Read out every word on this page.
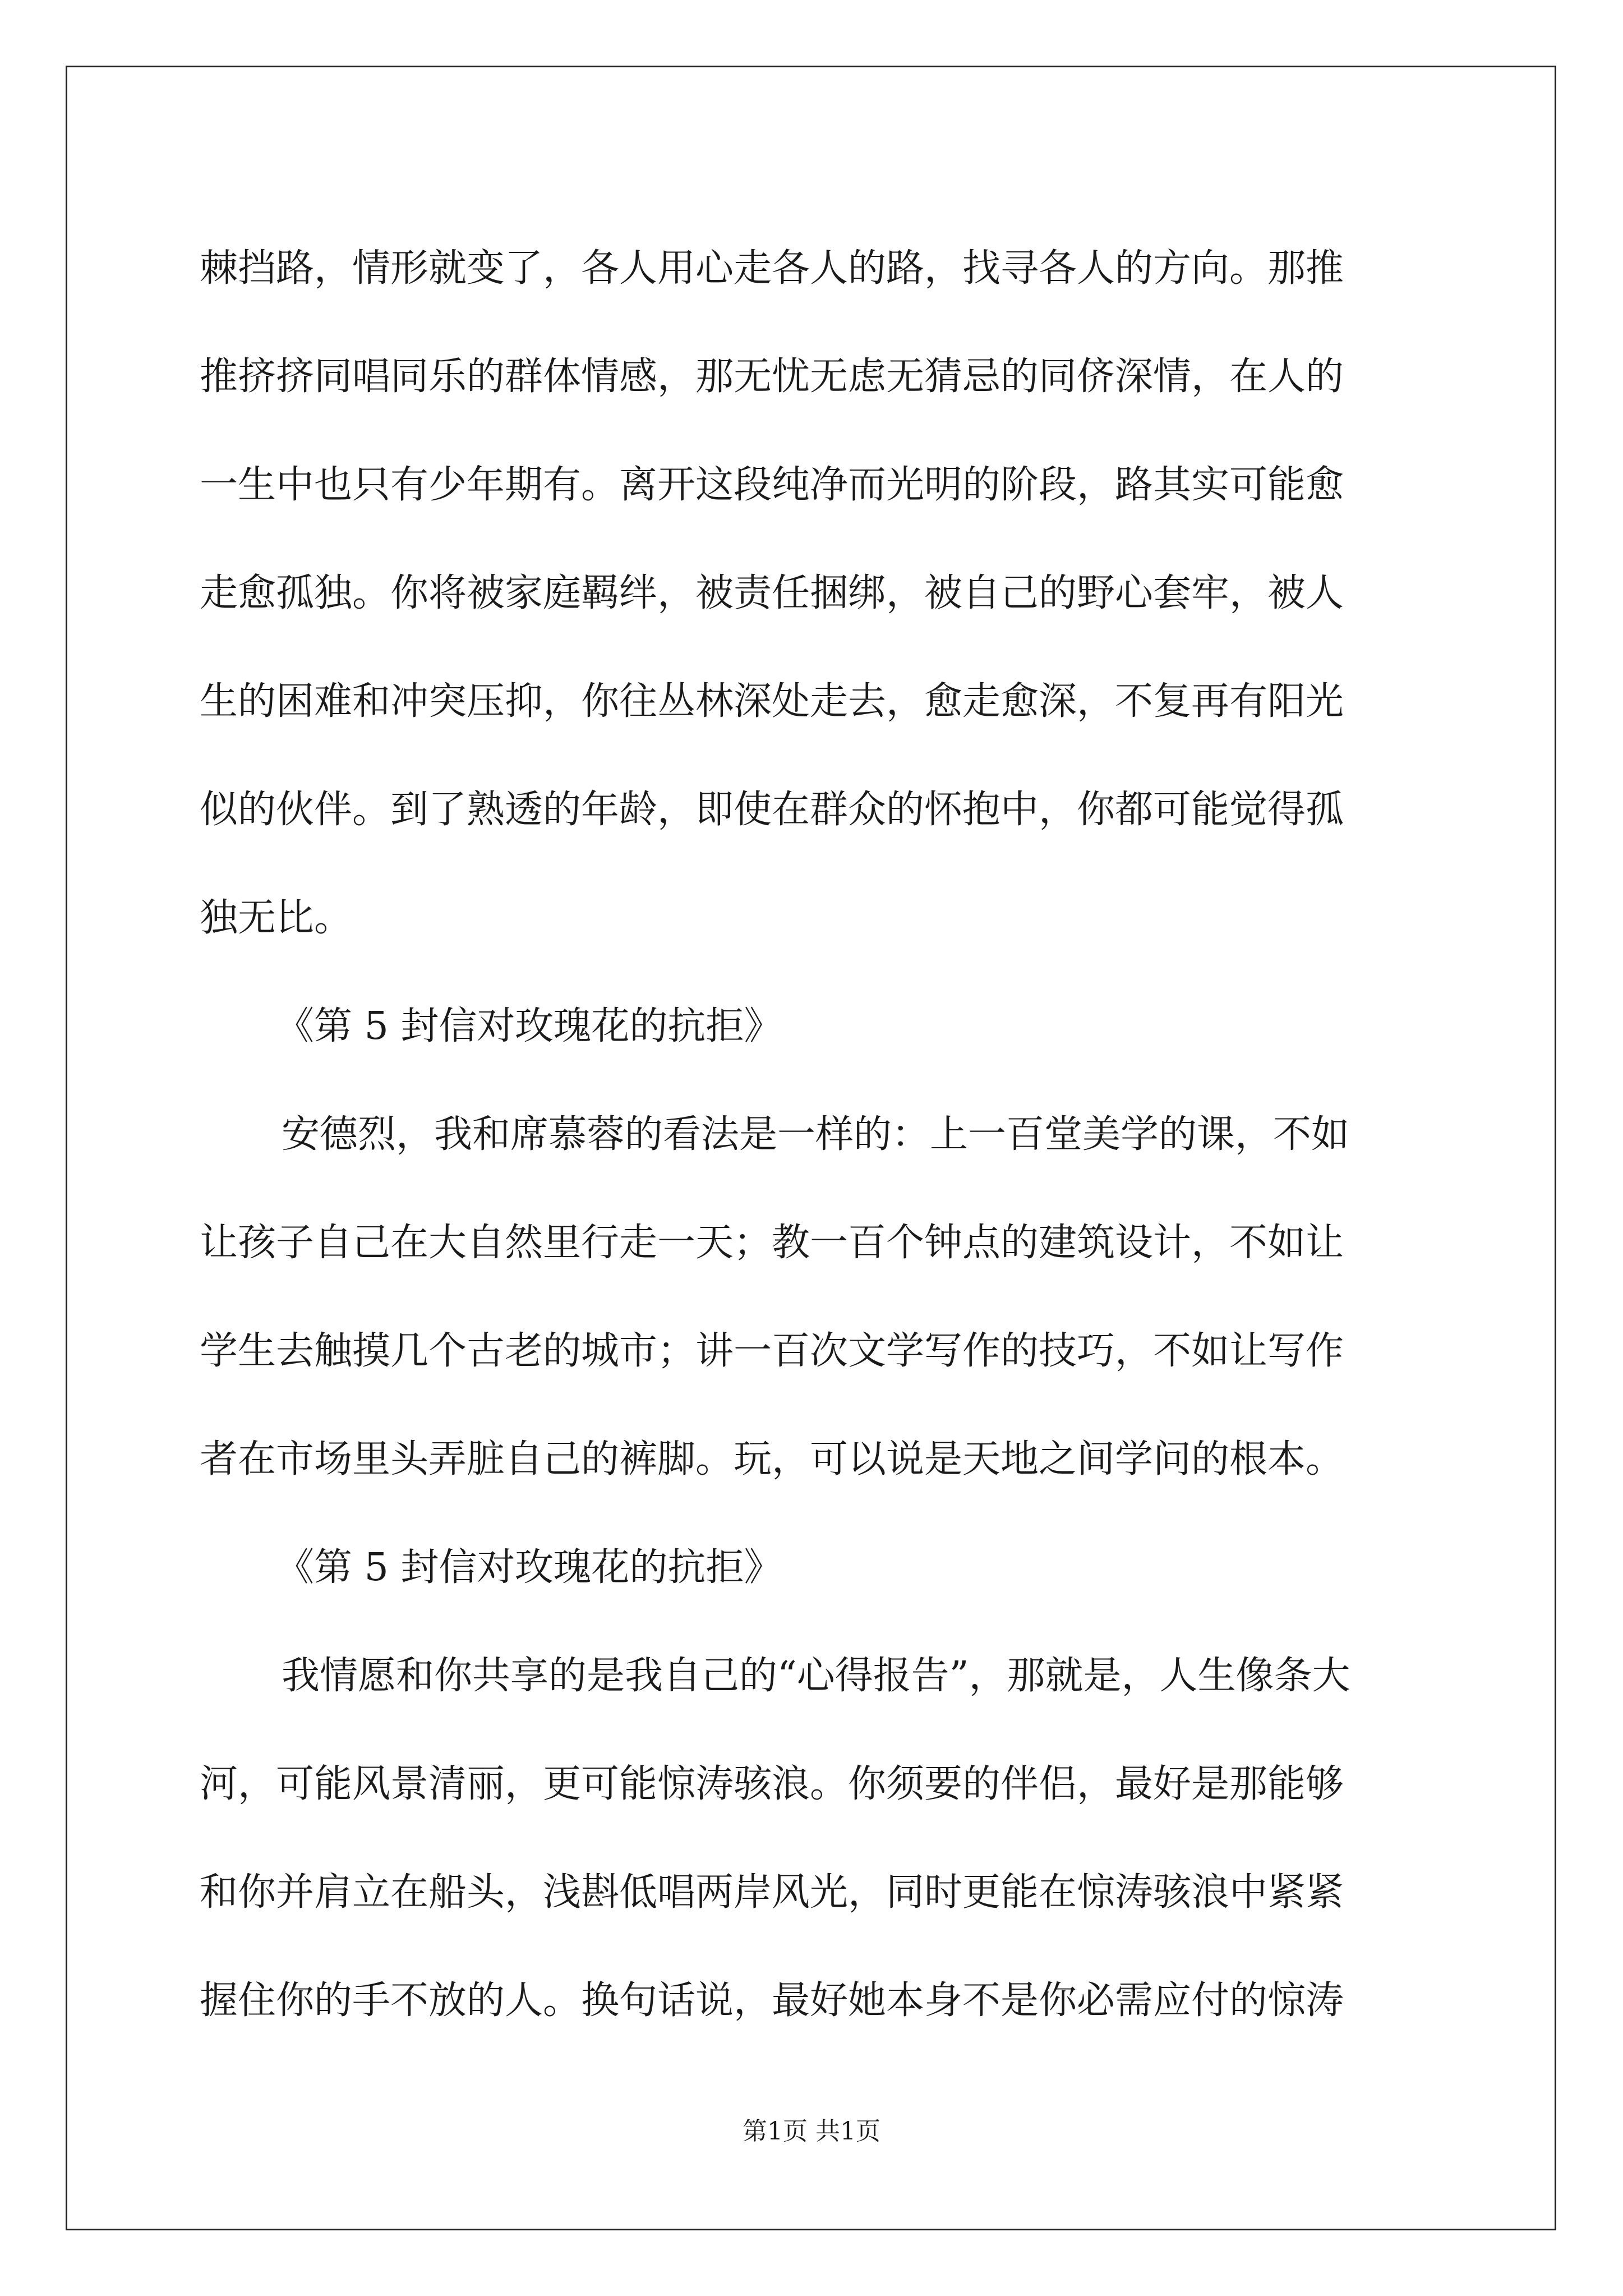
棘挡路，情形就变了，各人用心走各人的路，找寻各人的方向。那推
推挤挤同唱同乐的群体情感，那无忧无虑无猜忌的同侪深情，在人的
一生中也只有少年期有。离开这段纯净而光明的阶段，路其实可能愈
走愈孤独。你将被家庭羁绊，被责任捆绑，被自己的野心套牢，被人
生的困难和冲突压抑，你往丛林深处走去，愈走愈深，不复再有阳光
似的伙伴。到了熟透的年龄，即使在群众的怀抱中，你都可能觉得孤
独无比。
《第 5 封信对玫瑰花的抗拒》
安德烈，我和席慕蓉的看法是一样的：上一百堂美学的课，不如
让孩子自己在大自然里行走一天；教一百个钟点的建筑设计，不如让
学生去触摸几个古老的城市；讲一百次文学写作的技巧，不如让写作
者在市场里头弄脏自己的裤脚。玩，可以说是天地之间学问的根本。
《第 5 封信对玫瑰花的抗拒》
我情愿和你共享的是我自己的“心得报告”，那就是，人生像条大
河，可能风景清丽，更可能惊涛骇浪。你须要的伴侣，最好是那能够
和你并肩立在船头，浅斟低唱两岸风光，同时更能在惊涛骇浪中紧紧
握住你的手不放的人。换句话说，最好她本身不是你必需应付的惊涛
第1页 共1页
